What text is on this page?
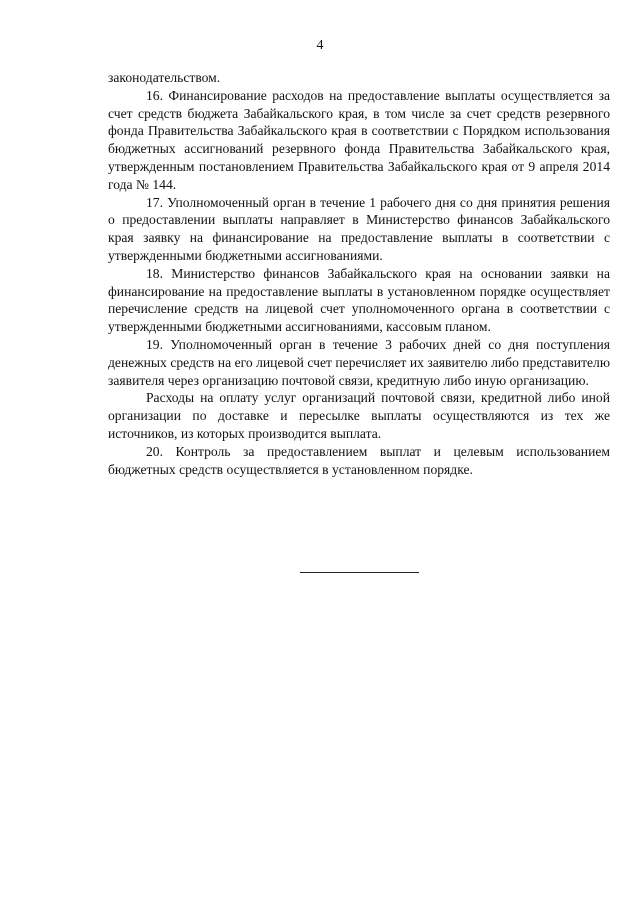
4

законодательством.

16. Финансирование расходов на предоставление выплаты осуществляется за счет средств бюджета Забайкальского края, в том числе за счет средств резервного фонда Правительства Забайкальского края в соответствии с Порядком использования бюджетных ассигнований резервного фонда Правительства Забайкальского края, утвержденным постановлением Правительства Забайкальского края от 9 апреля 2014 года № 144.

17. Уполномоченный орган в течение 1 рабочего дня со дня принятия решения о предоставлении выплаты направляет в Министерство финансов Забайкальского края заявку на финансирование на предоставление выплаты в соответствии с утвержденными бюджетными ассигнованиями.

18. Министерство финансов Забайкальского края на основании заявки на финансирование на предоставление выплаты в установленном порядке осуществляет перечисление средств на лицевой счет уполномоченного органа в соответствии с утвержденными бюджетными ассигнованиями, кассовым планом.

19. Уполномоченный орган в течение 3 рабочих дней со дня поступления денежных средств на его лицевой счет перечисляет их заявителю либо представителю заявителя через организацию почтовой связи, кредитную либо иную организацию.

Расходы на оплату услуг организаций почтовой связи, кредитной либо иной организации по доставке и пересылке выплаты осуществляются из тех же источников, из которых производится выплата.

20. Контроль за предоставлением выплат и целевым использованием бюджетных средств осуществляется в установленном порядке.
